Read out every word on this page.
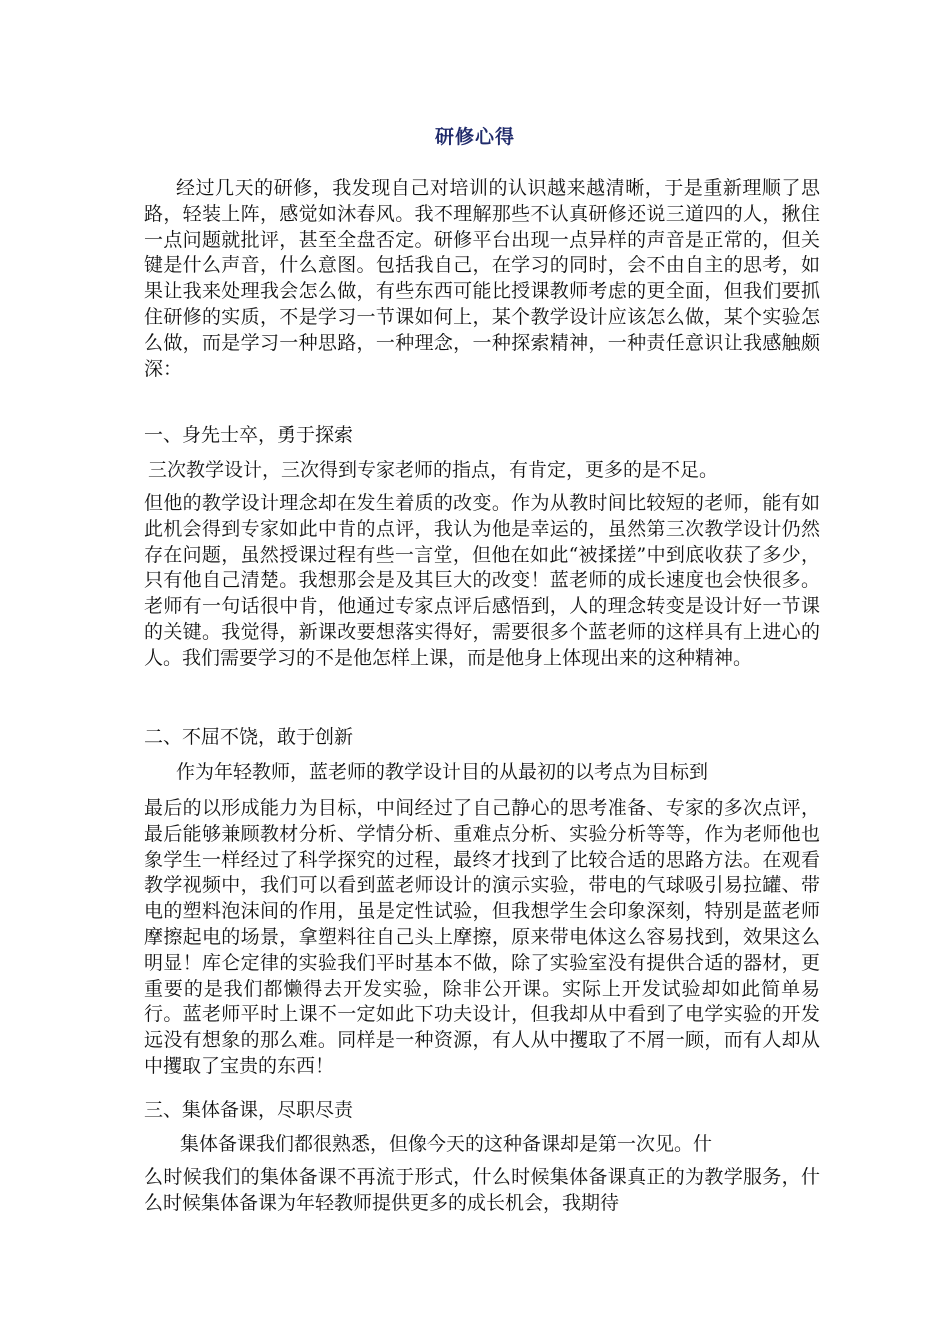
研修心得
经过几天的研修，我发现自己对培训的认识越来越清晰，于是重新理顺了思路，轻装上阵，感觉如沐春风。我不理解那些不认真研修还说三道四的人，揪住一点问题就批评，甚至全盘否定。研修平台出现一点异样的声音是正常的，但关键是什么声音，什么意图。包括我自己，在学习的同时，会不由自主的思考，如果让我来处理我会怎么做，有些东西可能比授课教师考虑的更全面，但我们要抓住研修的实质，不是学习一节课如何上，某个教学设计应该怎么做，某个实验怎么做，而是学习一种思路，一种理念，一种探索精神，一种责任意识让我感触颇深：
一、身先士卒，勇于探索
三次教学设计，三次得到专家老师的指点，有肯定，更多的是不足。
但他的教学设计理念却在发生着质的改变。作为从教时间比较短的老师，能有如此机会得到专家如此中肯的点评，我认为他是幸运的，虽然第三次教学设计仍然存在问题，虽然授课过程有些一言堂，但他在如此“被揉搓”中到底收获了多少，只有他自己清楚。我想那会是及其巨大的改变！蓝老师的成长速度也会快很多。老师有一句话很中肯，他通过专家点评后感悟到，人的理念转变是设计好一节课的关键。我觉得，新课改要想落实得好，需要很多个蓝老师的这样具有上进心的人。我们需要学习的不是他怎样上课，而是他身上体现出来的这种精神。
二、不屈不饶，敢于创新
作为年轻教师，蓝老师的教学设计目的从最初的以考点为目标到
最后的以形成能力为目标，中间经过了自己静心的思考准备、专家的多次点评，最后能够兼顾教材分析、学情分析、重难点分析、实验分析等等，作为老师他也象学生一样经过了科学探究的过程，最终才找到了比较合适的思路方法。在观看教学视频中，我们可以看到蓝老师设计的演示实验，带电的气球吸引易拉罐、带电的塑料泡沫间的作用，虽是定性试验，但我想学生会印象深刻，特别是蓝老师摩擦起电的场景，拿塑料往自己头上摩擦，原来带电体这么容易找到，效果这么明显！库仑定律的实验我们平时基本不做，除了实验室没有提供合适的器材，更重要的是我们都懒得去开发实验，除非公开课。实际上开发试验却如此简单易行。蓝老师平时上课不一定如此下功夫设计，但我却从中看到了电学实验的开发远没有想象的那么难。同样是一种资源，有人从中攫取了不屑一顾，而有人却从中攫取了宝贵的东西！
三、集体备课，尽职尽责
集体备课我们都很熟悉，但像今天的这种备课却是第一次见。什
么时候我们的集体备课不再流于形式，什么时候集体备课真正的为教学服务，什么时候集体备课为年轻教师提供更多的成长机会，我期待
